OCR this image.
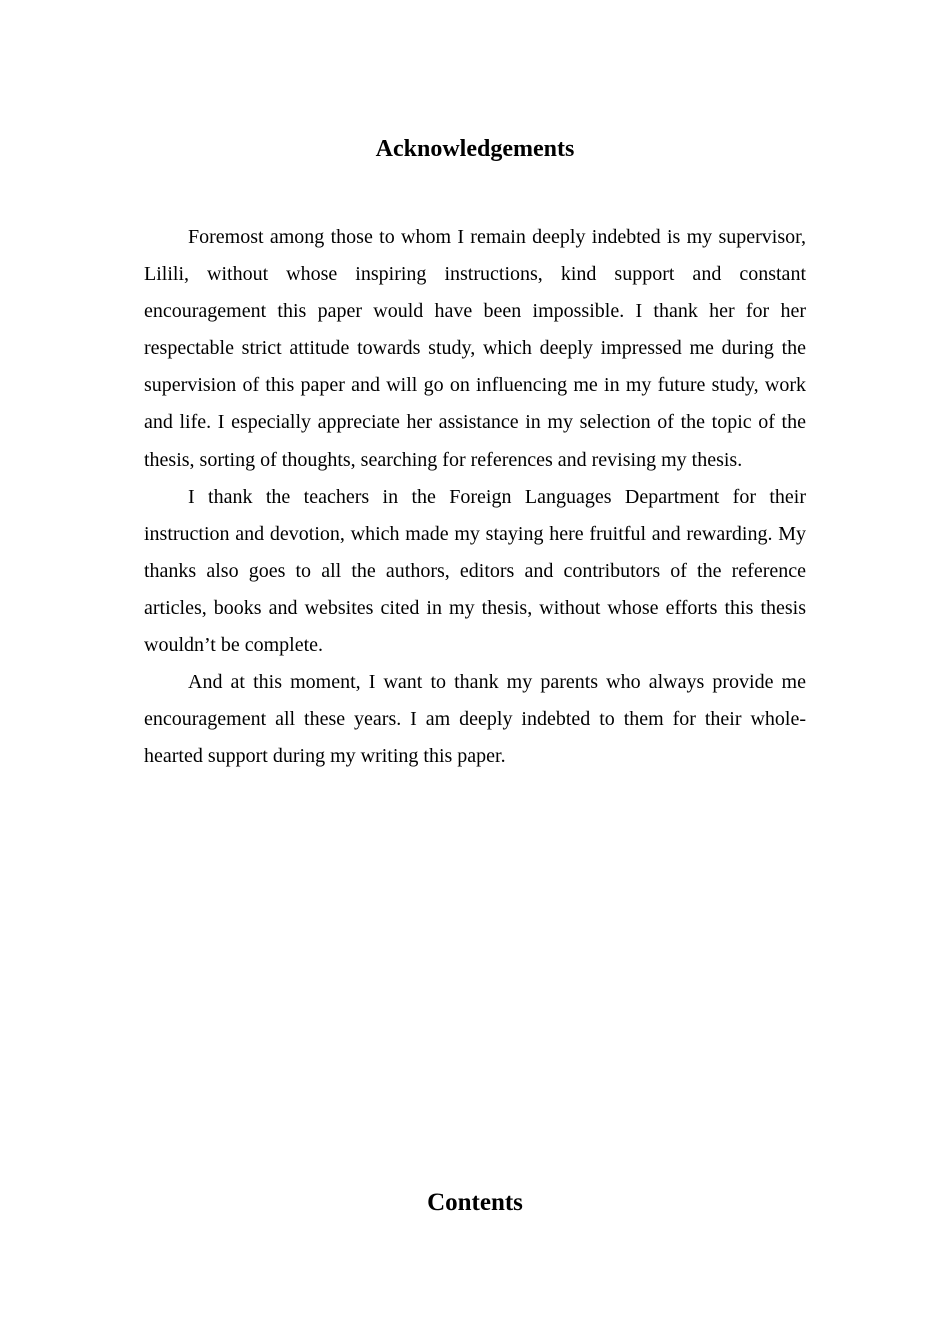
Acknowledgements

Foremost among those to whom I remain deeply indebted is my supervisor, Lilili, without whose inspiring instructions, kind support and constant encouragement this paper would have been impossible. I thank her for her respectable strict attitude towards study, which deeply impressed me during the supervision of this paper and will go on influencing me in my future study, work and life. I especially appreciate her assistance in my selection of the topic of the thesis, sorting of thoughts, searching for references and revising my thesis.

I thank the teachers in the Foreign Languages Department for their instruction and devotion, which made my staying here fruitful and rewarding. My thanks also goes to all the authors, editors and contributors of the reference articles, books and websites cited in my thesis, without whose efforts this thesis wouldn’t be complete.

And at this moment, I want to thank my parents who always provide me encouragement all these years. I am deeply indebted to them for their whole-hearted support during my writing this paper.

Contents
